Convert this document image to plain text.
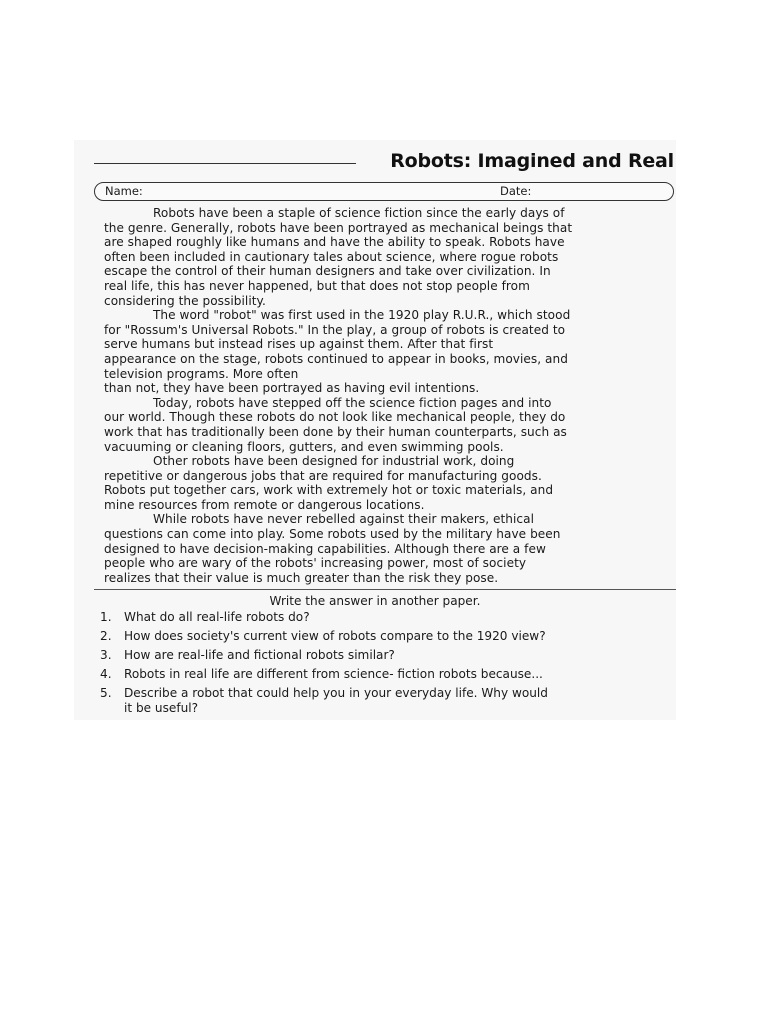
Robots: Imagined and Real
Name:	Date:
Robots have been a staple of science fiction since the early days of
the genre. Generally, robots have been portrayed as mechanical beings that
are shaped roughly like humans and have the ability to speak. Robots have
often been included in cautionary tales about science, where rogue robots
escape the control of their human designers and take over civilization. In
real life, this has never happened, but that does not stop people from
considering the possibility.
The word "robot" was first used in the 1920 play R.U.R., which stood
for "Rossum's Universal Robots." In the play, a group of robots is created to
serve humans but instead rises up against them. After that first
appearance on the stage, robots continued to appear in books, movies, and
television programs. More often
than not, they have been portrayed as having evil intentions.
Today, robots have stepped off the science fiction pages and into
our world. Though these robots do not look like mechanical people, they do
work that has traditionally been done by their human counterparts, such as
vacuuming or cleaning floors, gutters, and even swimming pools.
Other robots have been designed for industrial work, doing
repetitive or dangerous jobs that are required for manufacturing goods.
Robots put together cars, work with extremely hot or toxic materials, and
mine resources from remote or dangerous locations.
While robots have never rebelled against their makers, ethical
questions can come into play. Some robots used by the military have been
designed to have decision-making capabilities. Although there are a few
people who are wary of the robots' increasing power, most of society
realizes that their value is much greater than the risk they pose.
Write the answer in another paper.
1. What do all real-life robots do?
2. How does society's current view of robots compare to the 1920 view?
3. How are real-life and fictional robots similar?
4. Robots in real life are different from science- fiction robots because...
5. Describe a robot that could help you in your everyday life. Why would
it be useful?
